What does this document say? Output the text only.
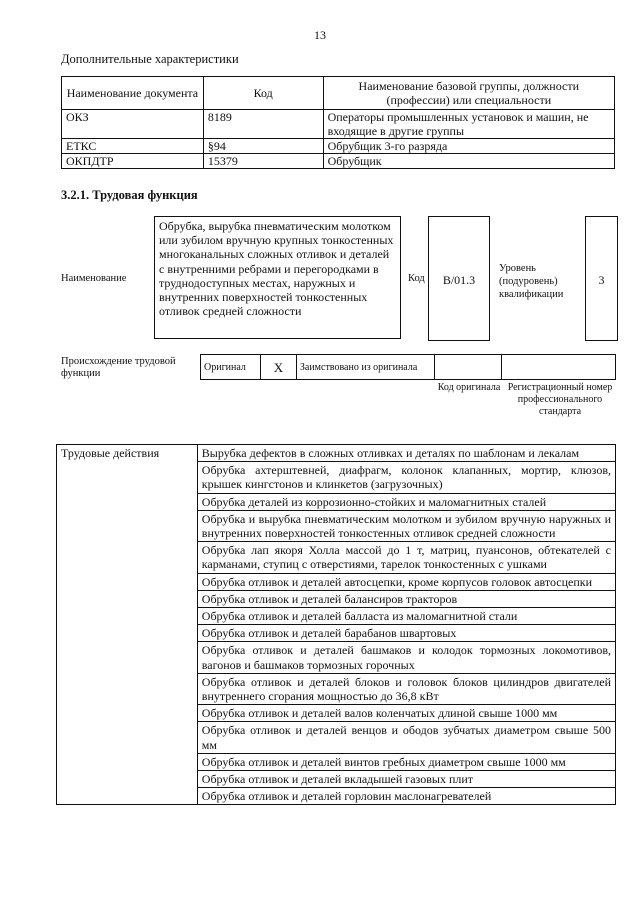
13
Дополнительные характеристики
Наименование документа	Код	Наименование базовой группы, должности (профессии) или специальности
ОКЗ	8189	Операторы промышленных установок и машин, не входящие в другие группы
ЕТКС	§94	Обрубщик 3-го разряда
ОКПДТР	15379	Обрубщик
3.2.1. Трудовая функция
Наименование
Обрубка, вырубка пневматическим молотком или зубилом вручную крупных тонкостенных многоканальных сложных отливок и деталей с внутренними ребрами и перегородками в труднодоступных местах, наружных и внутренних поверхностей тонкостенных отливок средней сложности
Код	B/01.3
Уровень (подуровень) квалификации
3
Происхождение трудовой функции
Оригинал	X	Заимствовано из оригинала		
Код оригинала Регистрационный номер профессионального стандарта
Трудовые действия	Вырубка дефектов в сложных отливках и деталях по шаблонам и лекалам
Обрубка ахтерштевней, диафрагм, колонок клапанных, мортир, клюзов, крышек кингстонов и клинкетов (загрузочных)
Обрубка деталей из коррозионно-стойких и маломагнитных сталей
Обрубка и вырубка пневматическим молотком и зубилом вручную наружных и внутренних поверхностей тонкостенных отливок средней сложности
Обрубка лап якоря Холла массой до 1 т, матриц, пуансонов, обтекателей с карманами, ступиц с отверстиями, тарелок тонкостенных с ушками
Обрубка отливок и деталей автосцепки, кроме корпусов головок автосцепки
Обрубка отливок и деталей балансиров тракторов
Обрубка отливок и деталей балласта из маломагнитной стали
Обрубка отливок и деталей барабанов швартовых
Обрубка отливок и деталей башмаков и колодок тормозных локомотивов, вагонов и башмаков тормозных горочных
Обрубка отливок и деталей блоков и головок блоков цилиндров двигателей внутреннего сгорания мощностью до 36,8 кВт
Обрубка отливок и деталей валов коленчатых длиной свыше 1000 мм
Обрубка отливок и деталей венцов и ободов зубчатых диаметром свыше 500 мм
Обрубка отливок и деталей винтов гребных диаметром свыше 1000 мм
Обрубка отливок и деталей вкладышей газовых плит
Обрубка отливок и деталей горловин маслонагревателей
